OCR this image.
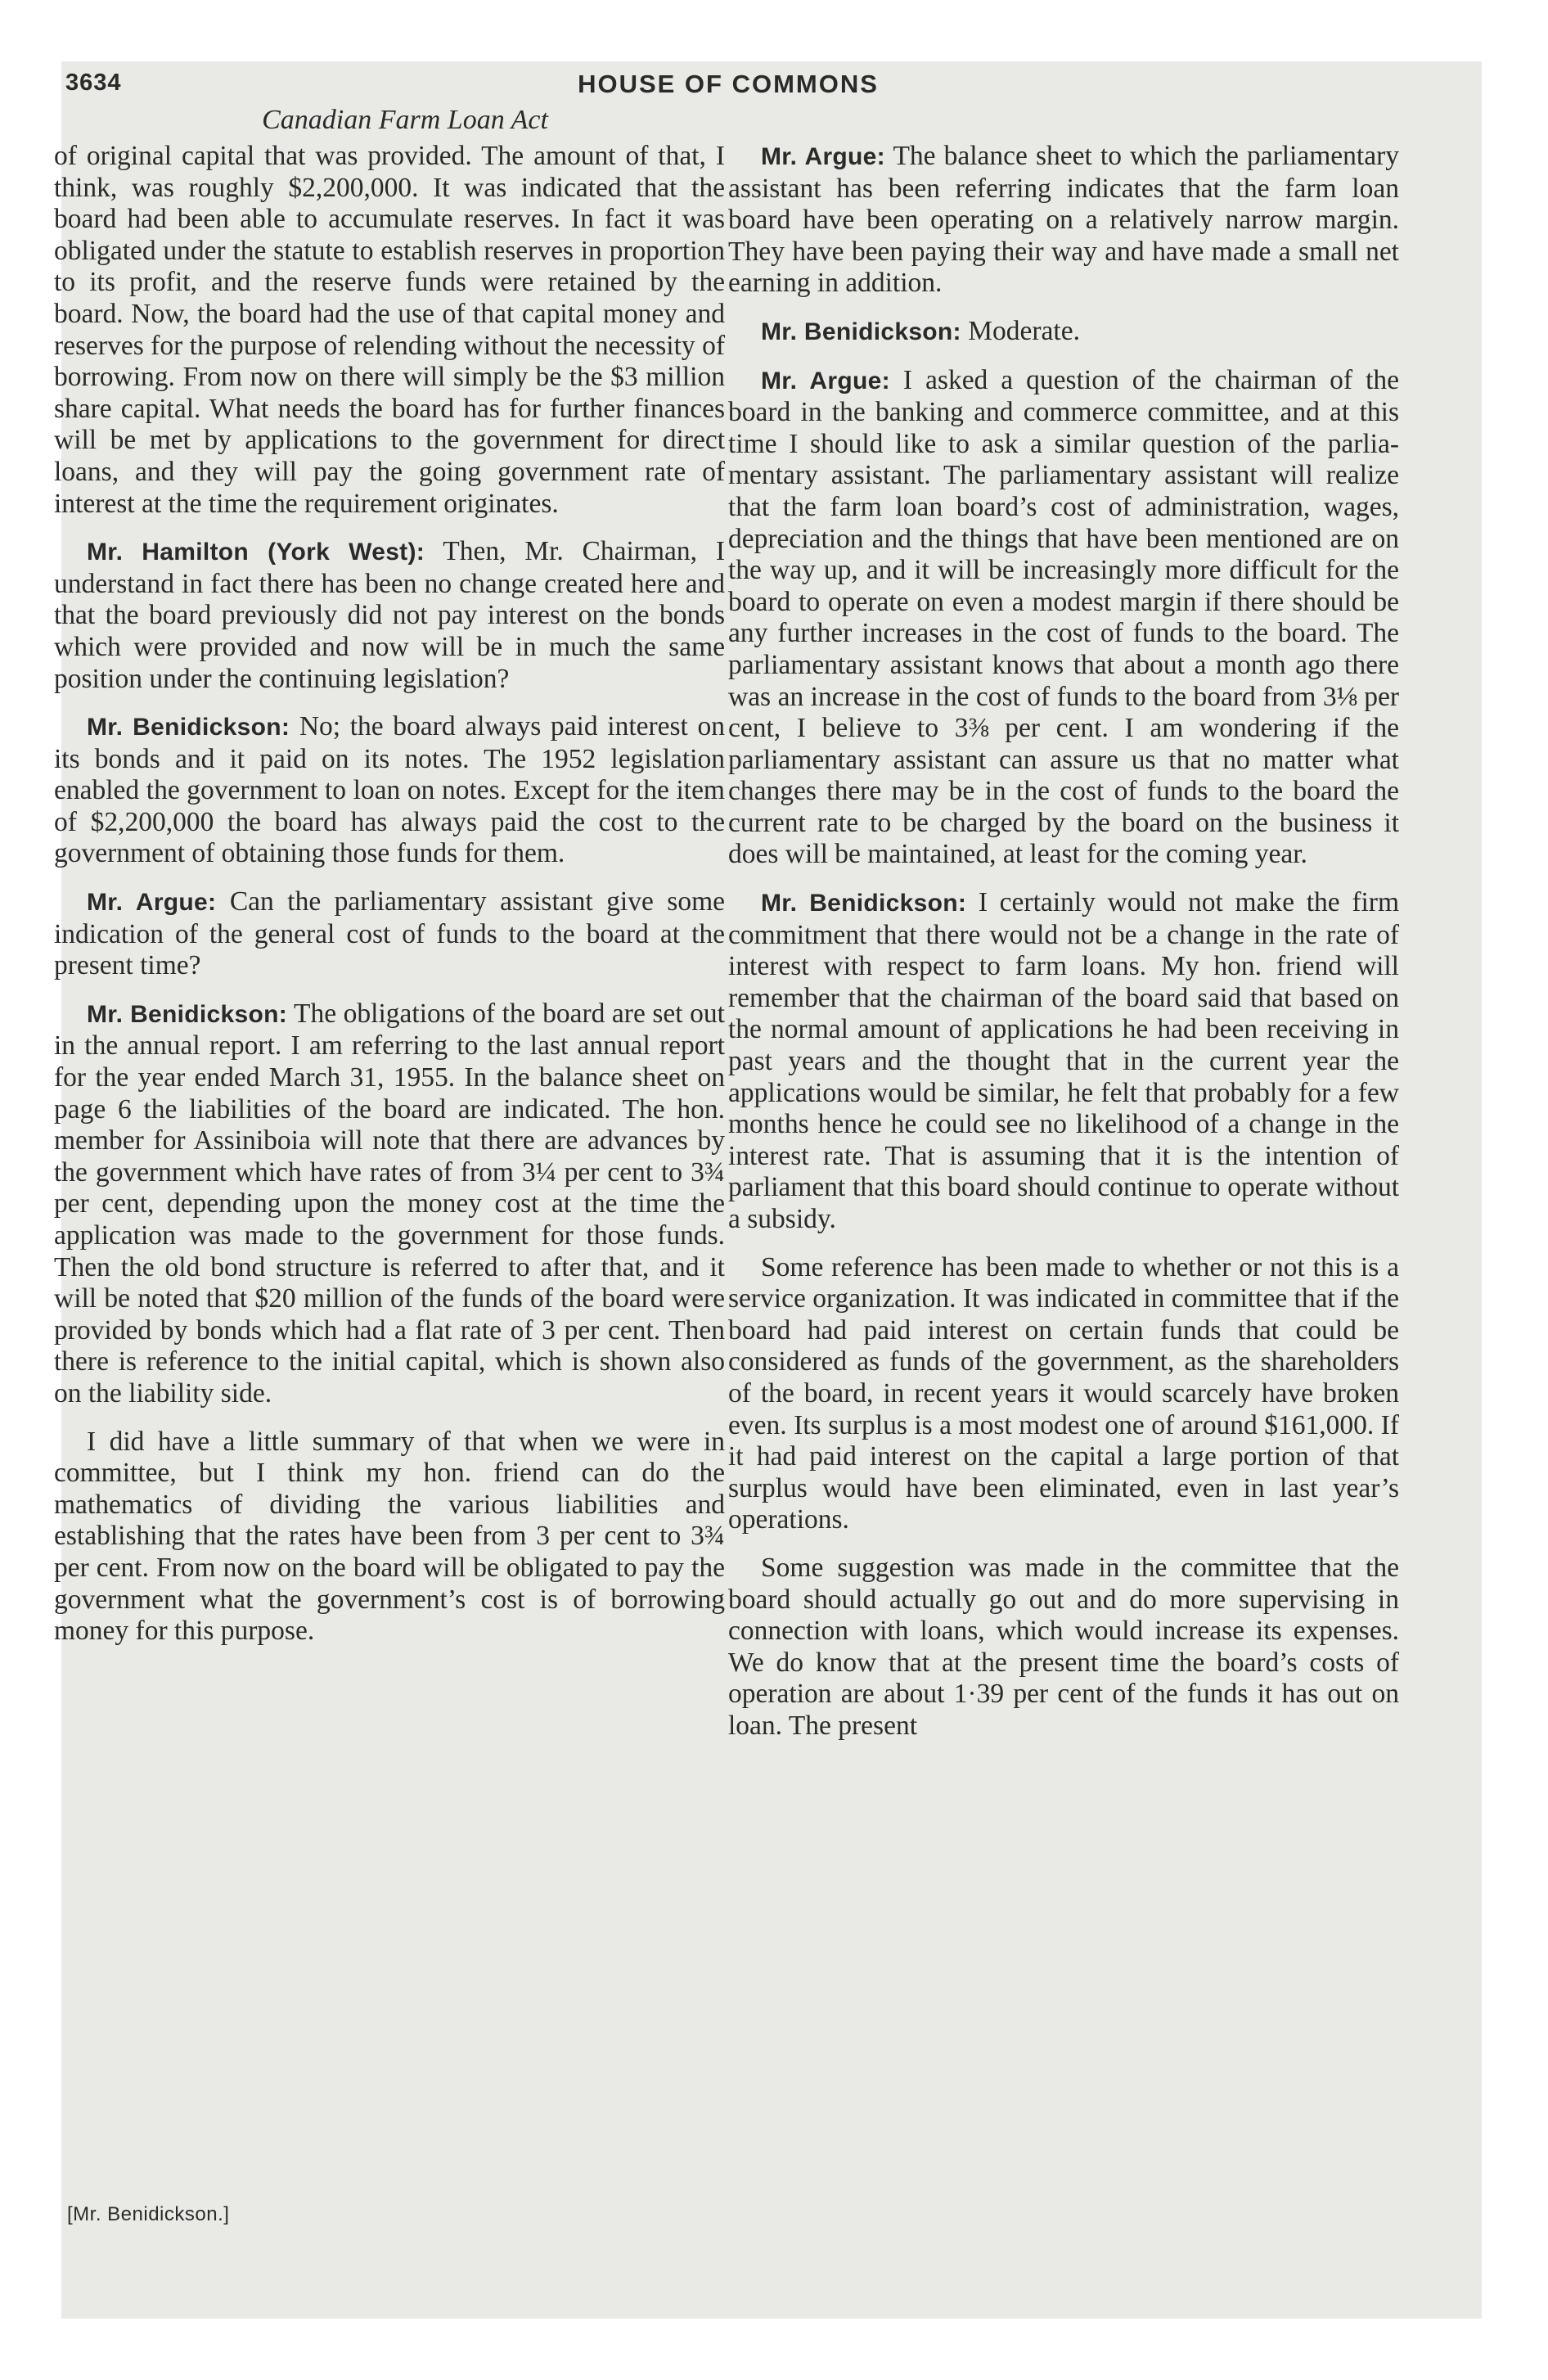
3634	HOUSE OF COMMONS
Canadian Farm Loan Act

of original capital that was provided. The amount of that, I think, was roughly $2,200,000. It was indicated that the board had been able to accumulate reserves. In fact it was obligated under the statute to establish reserves in proportion to its profit, and the reserve funds were retained by the board. Now, the board had the use of that capital money and reserves for the purpose of relending without the necessity of borrowing. From now on there will simply be the $3 million share capital. What needs the board has for further finances will be met by applications to the government for direct loans, and they will pay the going government rate of interest at the time the requirement originates.

Mr. Hamilton (York West): Then, Mr. Chairman, I understand in fact there has been no change created here and that the board previously did not pay interest on the bonds which were provided and now will be in much the same position under the continuing legislation?

Mr. Benidickson: No; the board always paid interest on its bonds and it paid on its notes. The 1952 legislation enabled the government to loan on notes. Except for the item of $2,200,000 the board has always paid the cost to the government of obtaining those funds for them.

Mr. Argue: Can the parliamentary assistant give some indication of the general cost of funds to the board at the present time?

Mr. Benidickson: The obligations of the board are set out in the annual report. I am referring to the last annual report for the year ended March 31, 1955. In the balance sheet on page 6 the liabilities of the board are indicated. The hon. member for Assiniboia will note that there are advances by the government which have rates of from 3¼ per cent to 3¾ per cent, depending upon the money cost at the time the application was made to the government for those funds. Then the old bond structure is referred to after that, and it will be noted that $20 million of the funds of the board were provided by bonds which had a flat rate of 3 per cent. Then there is reference to the initial capital, which is shown also on the liability side.

I did have a little summary of that when we were in committee, but I think my hon. friend can do the mathematics of dividing the various liabilities and establishing that the rates have been from 3 per cent to 3¾ per cent. From now on the board will be obligated to pay the government what the government’s cost is of borrowing money for this purpose.

Mr. Argue: The balance sheet to which the parliamentary assistant has been referring indicates that the farm loan board have been operating on a relatively narrow margin. They have been paying their way and have made a small net earning in addition.

Mr. Benidickson: Moderate.

Mr. Argue: I asked a question of the chairman of the board in the banking and commerce committee, and at this time I should like to ask a similar question of the parliamentary assistant. The parliamentary assistant will realize that the farm loan board’s cost of administration, wages, depreciation and the things that have been mentioned are on the way up, and it will be increasingly more difficult for the board to operate on even a modest margin if there should be any further increases in the cost of funds to the board. The parliamentary assistant knows that about a month ago there was an increase in the cost of funds to the board from 3⅛ per cent, I believe to 3⅜ per cent. I am wondering if the parliamentary assistant can assure us that no matter what changes there may be in the cost of funds to the board the current rate to be charged by the board on the business it does will be maintained, at least for the coming year.

Mr. Benidickson: I certainly would not make the firm commitment that there would not be a change in the rate of interest with respect to farm loans. My hon. friend will remember that the chairman of the board said that based on the normal amount of applications he had been receiving in past years and the thought that in the current year the applications would be similar, he felt that probably for a few months hence he could see no likelihood of a change in the interest rate. That is assuming that it is the intention of parliament that this board should continue to operate without a subsidy.

Some reference has been made to whether or not this is a service organization. It was indicated in committee that if the board had paid interest on certain funds that could be considered as funds of the government, as the shareholders of the board, in recent years it would scarcely have broken even. Its surplus is a most modest one of around $161,000. If it had paid interest on the capital a large portion of that surplus would have been eliminated, even in last year’s operations.

Some suggestion was made in the committee that the board should actually go out and do more supervising in connection with loans, which would increase its expenses. We do know that at the present time the board’s costs of operation are about 1·39 per cent of the funds it has out on loan. The present

[Mr. Benidickson.]
